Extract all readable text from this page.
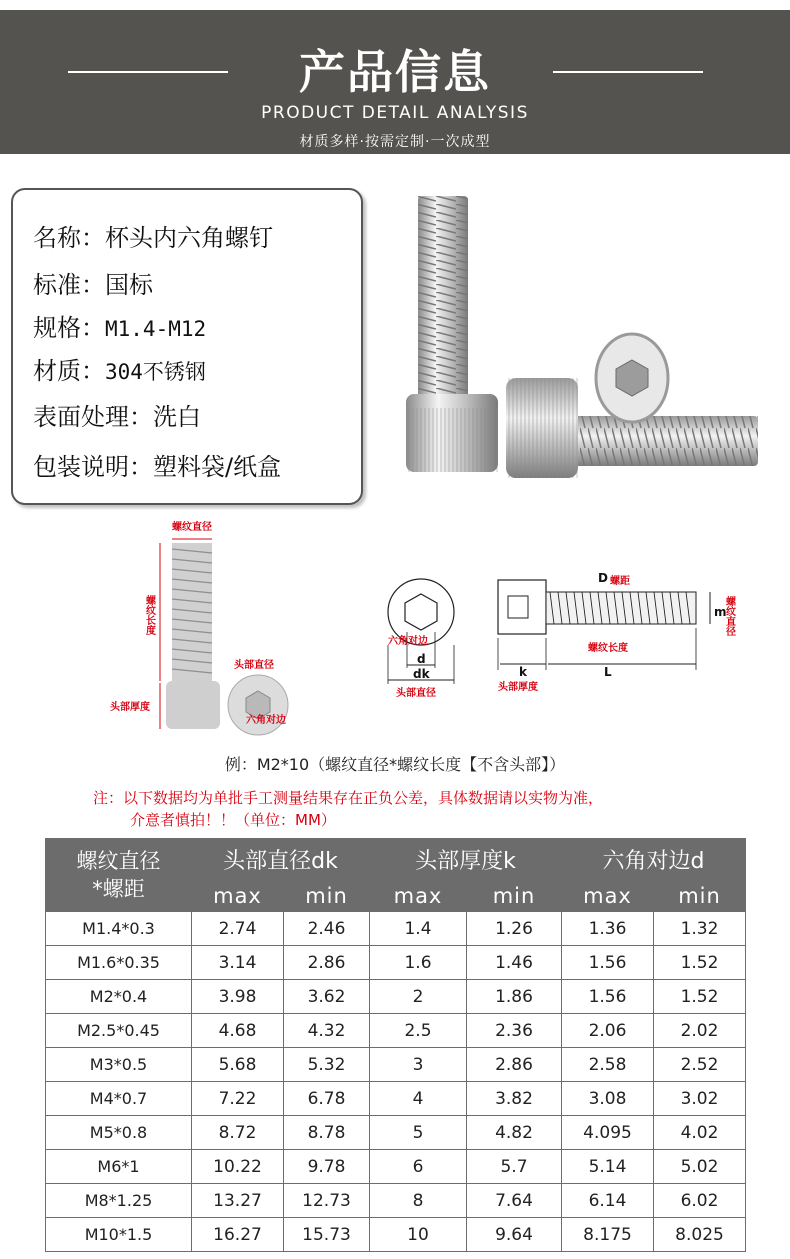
产品信息
PRODUCT DETAIL ANALYSIS
材质多样·按需定制·一次成型
名称：杯头内六角螺钉
标准：国标
规格：M1.4-M12
材质：304不锈钢
表面处理：洗白
包装说明：塑料袋/纸盒
螺纹直径
螺纹长度
头部厚度
头部直径
六角对边
六角对边
d
dk
头部直径
D 螺距
m
螺纹直径
螺纹长度
k	L
头部厚度
例：M2*10（螺纹直径*螺纹长度【不含头部】）
注：以下数据均为单批手工测量结果存在正负公差，具体数据请以实物为准，
介意者慎拍！！（单位：MM）
螺纹直径
*螺距	头部直径dk		头部厚度k		六角对边d	
	max	min	max	min	max	min
M1.4*0.3	2.74	2.46	1.4	1.26	1.36	1.32
M1.6*0.35	3.14	2.86	1.6	1.46	1.56	1.52
M2*0.4	3.98	3.62	2	1.86	1.56	1.52
M2.5*0.45	4.68	4.32	2.5	2.36	2.06	2.02
M3*0.5	5.68	5.32	3	2.86	2.58	2.52
M4*0.7	7.22	6.78	4	3.82	3.08	3.02
M5*0.8	8.72	8.78	5	4.82	4.095	4.02
M6*1	10.22	9.78	6	5.7	5.14	5.02
M8*1.25	13.27	12.73	8	7.64	6.14	6.02
M10*1.5	16.27	15.73	10	9.64	8.175	8.025
